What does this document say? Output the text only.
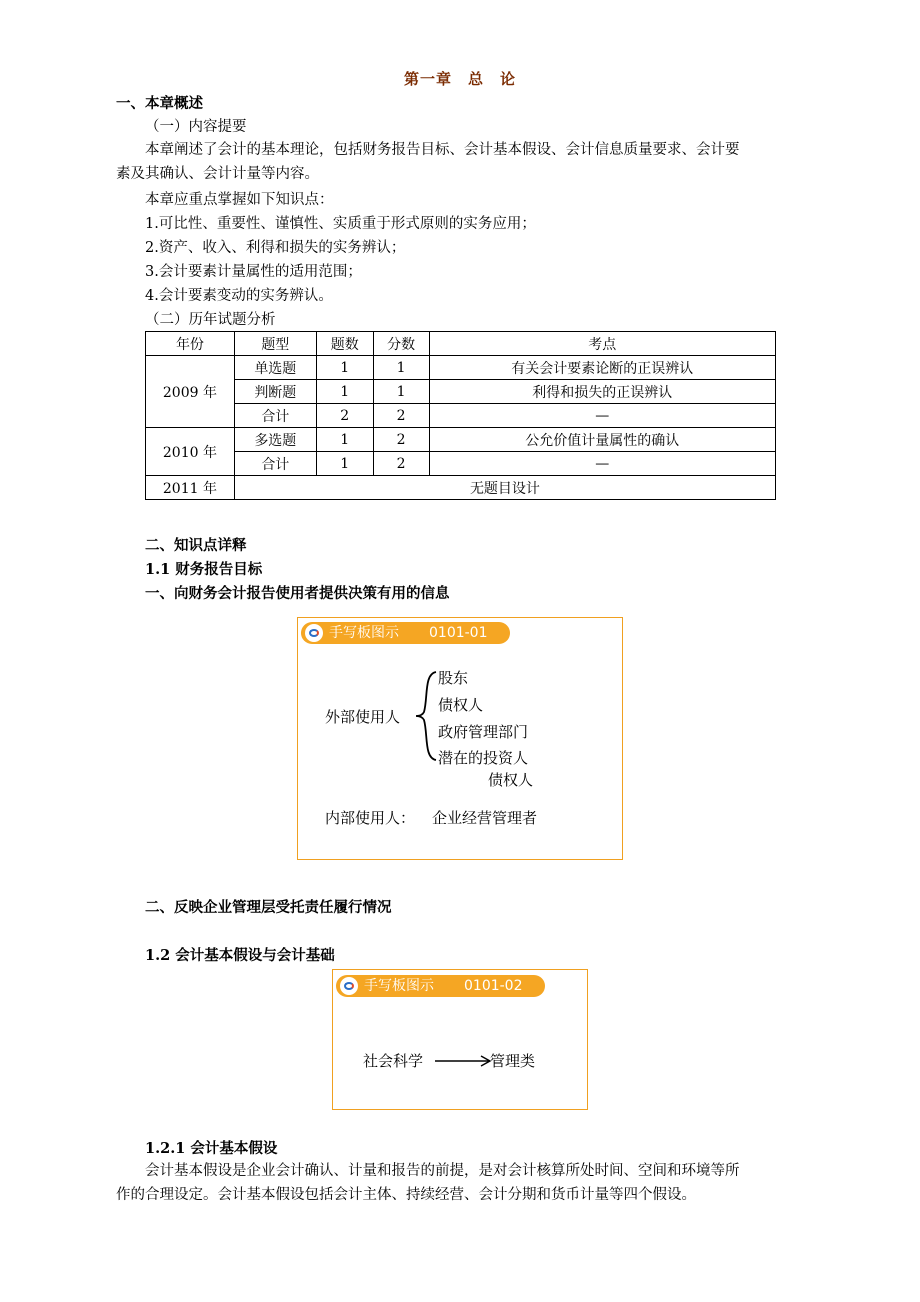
第一章　总　论
一、本章概述
（一）内容提要
本章阐述了会计的基本理论，包括财务报告目标、会计基本假设、会计信息质量要求、会计要
素及其确认、会计计量等内容。
本章应重点掌握如下知识点：
1.可比性、重要性、谨慎性、实质重于形式原则的实务应用；
2.资产、收入、利得和损失的实务辨认；
3.会计要素计量属性的适用范围；
4.会计要素变动的实务辨认。
（二）历年试题分析
年份	题型	题数	分数	考点
2009 年	单选题	1	1	有关会计要素论断的正误辨认
	判断题	1	1	利得和损失的正误辨认
	合计	2	2	—
2010 年	多选题	1	2	公允价值计量属性的确认
	合计	1	2	—
2011 年	无题目设计			
二、知识点详释
1.1 财务报告目标
一、向财务会计报告使用者提供决策有用的信息
手写板图示 0101-01
外部使用人
股东
债权人
政府管理部门
潜在的投资人
债权人
内部使用人： 企业经营管理者
二、反映企业管理层受托责任履行情况
1.2 会计基本假设与会计基础
手写板图示 0101-02
社会科学	管理类
1.2.1 会计基本假设
会计基本假设是企业会计确认、计量和报告的前提，是对会计核算所处时间、空间和环境等所
作的合理设定。会计基本假设包括会计主体、持续经营、会计分期和货币计量等四个假设。
